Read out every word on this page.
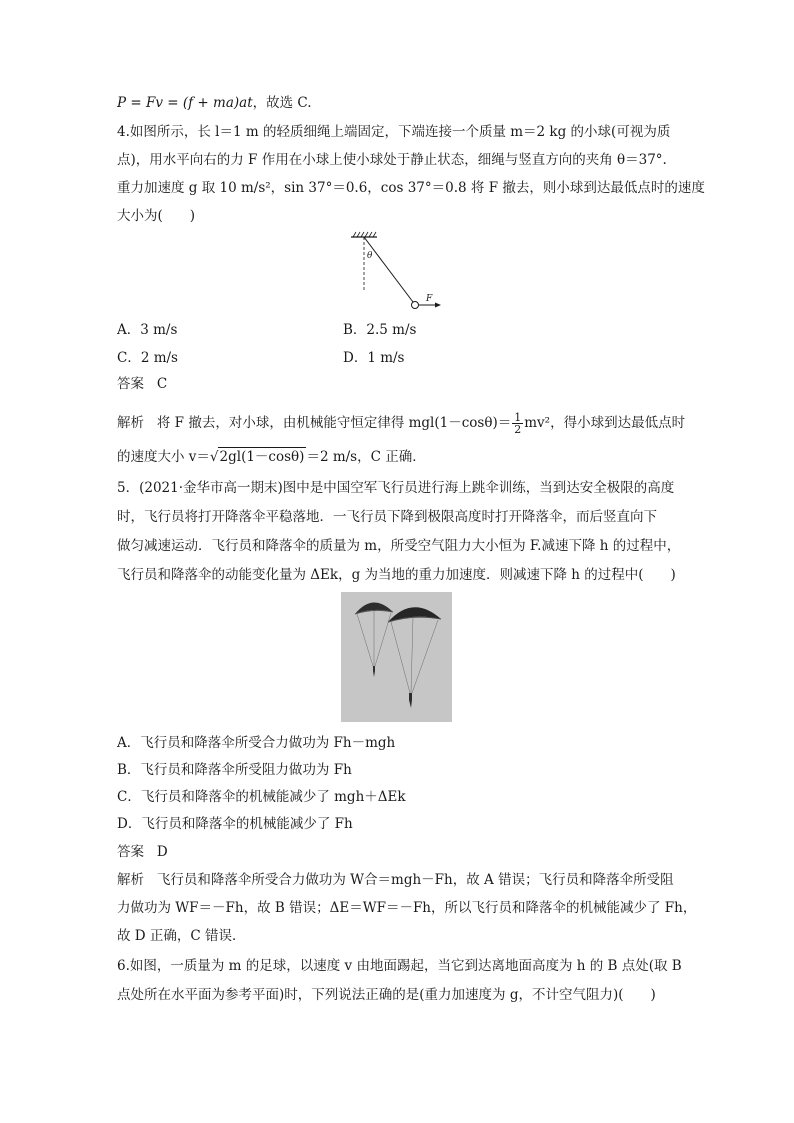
P = Fv = (f + ma)at，故选 C.
4.如图所示，长 l＝1 m 的轻质细绳上端固定，下端连接一个质量 m＝2 kg 的小球(可视为质
点)，用水平向右的力 F 作用在小球上使小球处于静止状态，细绳与竖直方向的夹角 θ＝37°.
重力加速度 g 取 10 m/s²，sin 37°＝0.6，cos 37°＝0.8 将 F 撤去，则小球到达最低点时的速度
大小为(　　)
θ
F
A．3 m/s	B．2.5 m/s
C．2 m/s	D．1 m/s
答案 C
解析 将 F 撤去，对小球，由机械能守恒定律得 $mgl(1-\cos\theta)= \frac{1}{2} mv^2$，得小球到达最低点时
的速度大小 v＝√2gl(1－cosθ) ＝2 m/s，C 正确．
5．(2021·金华市高一期末)图中是中国空军飞行员进行海上跳伞训练，当到达安全极限的高度
时，飞行员将打开降落伞平稳落地．一飞行员下降到极限高度时打开降落伞，而后竖直向下
做匀减速运动．飞行员和降落伞的质量为 m，所受空气阻力大小恒为 F.减速下降 h 的过程中，
飞行员和降落伞的动能变化量为 ΔEk，g 为当地的重力加速度．则减速下降 h 的过程中(　　)
A．飞行员和降落伞所受合力做功为 Fh－mgh
B．飞行员和降落伞所受阻力做功为 Fh
C．飞行员和降落伞的机械能减少了 mgh＋ΔEk
D．飞行员和降落伞的机械能减少了 Fh
答案 D
解析 飞行员和降落伞所受合力做功为 W合＝mgh－Fh，故 A 错误；飞行员和降落伞所受阻
力做功为 WF＝－Fh，故 B 错误；ΔE＝WF＝－Fh，所以飞行员和降落伞的机械能减少了 Fh，
故 D 正确，C 错误．
6.如图，一质量为 m 的足球，以速度 v 由地面踢起，当它到达离地面高度为 h 的 B 点处(取 B
点处所在水平面为参考平面)时，下列说法正确的是(重力加速度为 g，不计空气阻力)(　　)
